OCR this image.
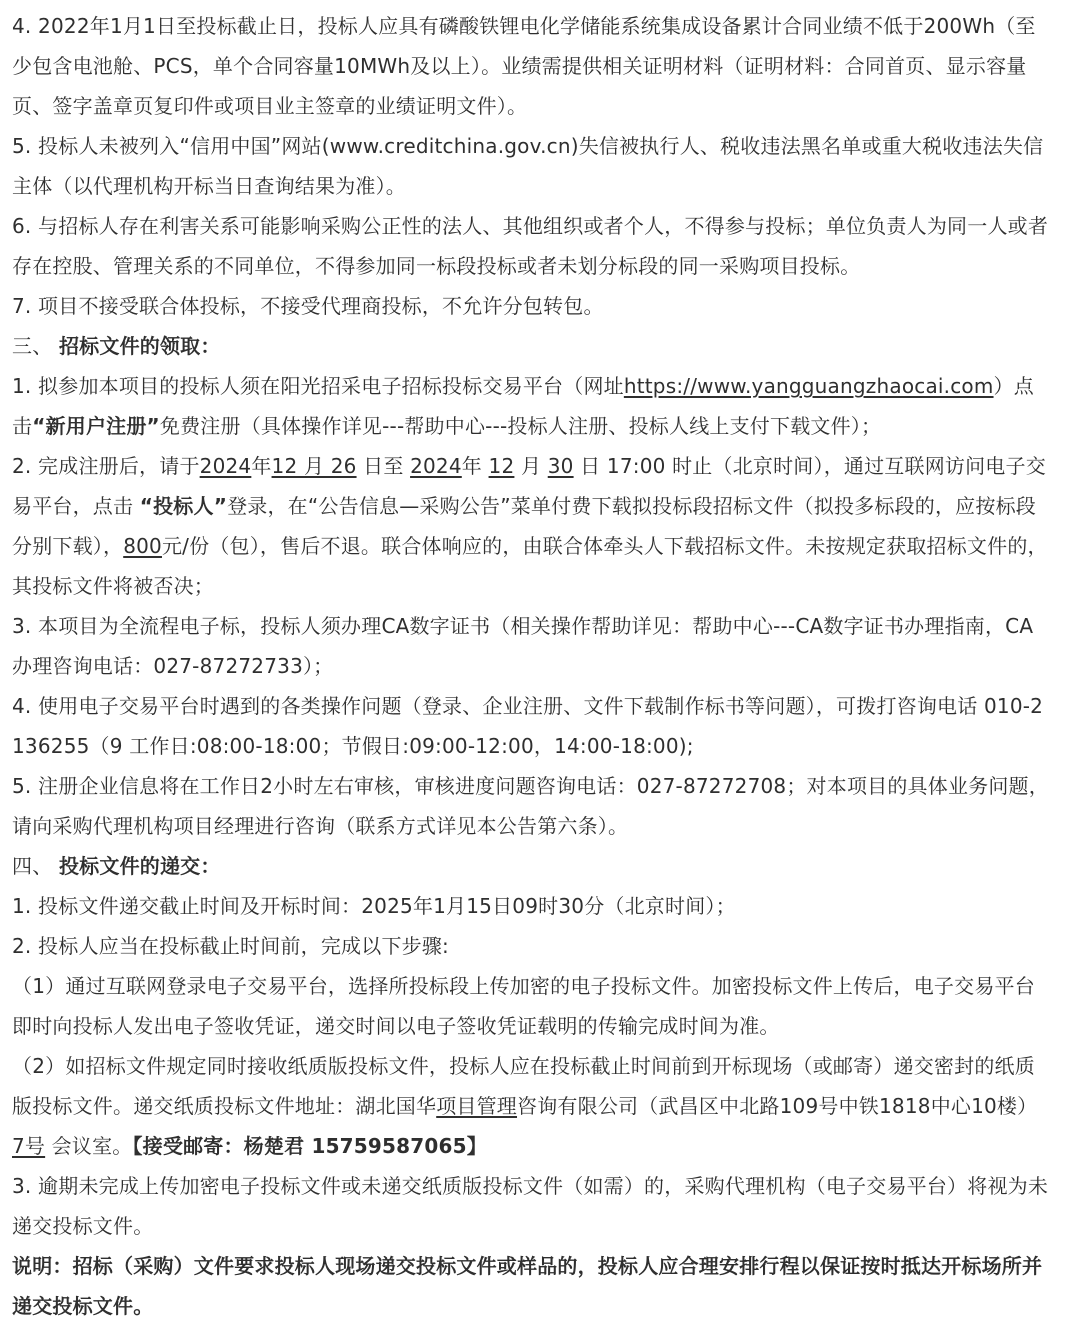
4. 2022年1月1日至投标截止日，投标人应具有磷酸铁锂电化学储能系统集成设备累计合同业绩不低于200Wh（至少包含电池舱、PCS，单个合同容量10MWh及以上）。业绩需提供相关证明材料（证明材料：合同首页、显示容量页、签字盖章页复印件或项目业主签章的业绩证明文件）。

5. 投标人未被列入“信用中国”网站(www.creditchina.gov.cn)失信被执行人、税收违法黑名单或重大税收违法失信主体（以代理机构开标当日查询结果为准）。

6. 与招标人存在利害关系可能影响采购公正性的法人、其他组织或者个人，不得参与投标；单位负责人为同一人或者存在控股、管理关系的不同单位，不得参加同一标段投标或者未划分标段的同一采购项目投标。

7. 项目不接受联合体投标，不接受代理商投标，不允许分包转包。

三、 招标文件的领取：

1. 拟参加本项目的投标人须在阳光招采电子招标投标交易平台（网址https://www.yangguangzhaocai.com）点击“新用户注册”免费注册（具体操作详见---帮助中心---投标人注册、投标人线上支付下载文件）；

2. 完成注册后，请于2024年12 月 26 日至 2024年 12 月 30 日 17:00 时止（北京时间），通过互联网访问电子交易平台，点击 “投标人”登录，在“公告信息—采购公告”菜单付费下载拟投标段招标文件（拟投多标段的，应按标段分别下载），800元/份（包），售后不退。联合体响应的，由联合体牵头人下载招标文件。未按规定获取招标文件的，其投标文件将被否决；

3. 本项目为全流程电子标，投标人须办理CA数字证书（相关操作帮助详见：帮助中心---CA数字证书办理指南，CA办理咨询电话：027-87272733）；

4. 使用电子交易平台时遇到的各类操作问题（登录、企业注册、文件下载制作标书等问题），可拨打咨询电话 010-2136255（9 工作日:08:00-18:00；节假日:09:00-12:00，14:00-18:00);

5. 注册企业信息将在工作日2小时左右审核，审核进度问题咨询电话：027-87272708；对本项目的具体业务问题，请向采购代理机构项目经理进行咨询（联系方式详见本公告第六条）。

四、 投标文件的递交：

1. 投标文件递交截止时间及开标时间：2025年1月15日09时30分（北京时间）；

2. 投标人应当在投标截止时间前，完成以下步骤:

（1）通过互联网登录电子交易平台，选择所投标段上传加密的电子投标文件。加密投标文件上传后，电子交易平台即时向投标人发出电子签收凭证，递交时间以电子签收凭证载明的传输完成时间为准。

（2）如招标文件规定同时接收纸质版投标文件，投标人应在投标截止时间前到开标现场（或邮寄）递交密封的纸质版投标文件。递交纸质投标文件地址：湖北国华项目管理咨询有限公司（武昌区中北路109号中铁1818中心10楼） 7号 会议室。【接受邮寄：杨楚君 15759587065】

3. 逾期未完成上传加密电子投标文件或未递交纸质版投标文件（如需）的，采购代理机构（电子交易平台）将视为未递交投标文件。

说明：招标（采购）文件要求投标人现场递交投标文件或样品的，投标人应合理安排行程以保证按时抵达开标场所并递交投标文件。
